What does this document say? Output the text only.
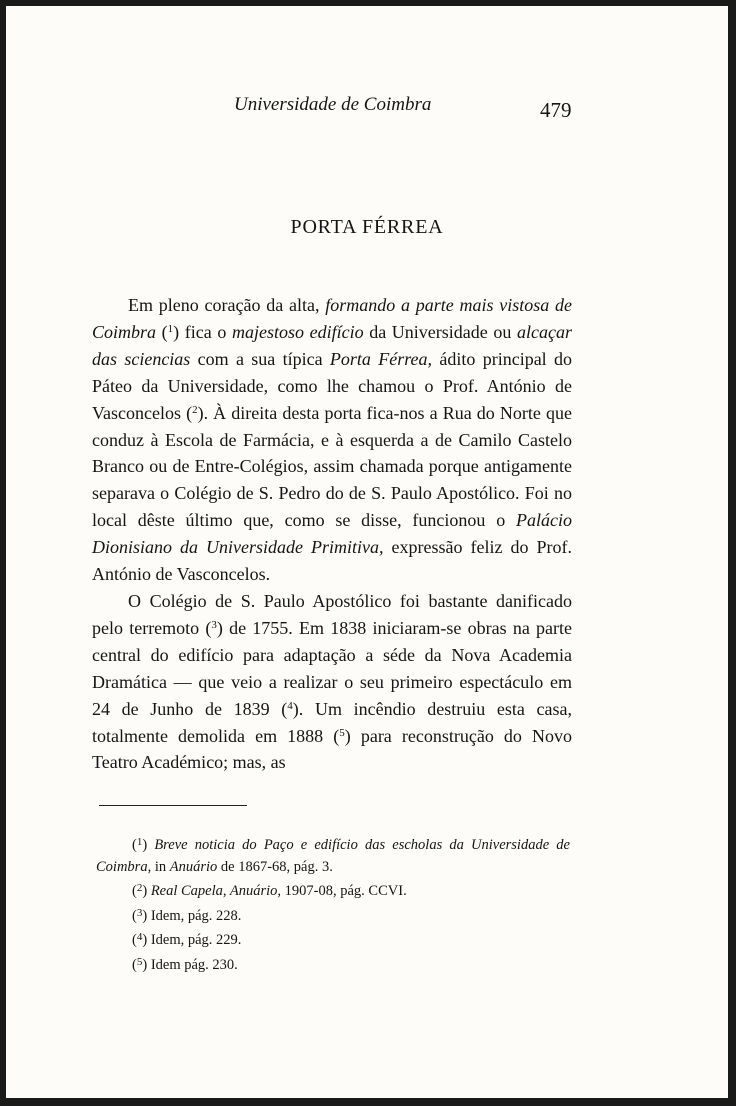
Universidade de Coimbra	479
PORTA FÉRREA

Em pleno coração da alta, formando a parte mais vistosa de Coimbra ($^1$) fica o majestoso edifício da Universidade ou alcaçar das sciencias com a sua típica Porta Férrea, ádito principal do Páteo da Universidade, como lhe chamou o Prof. António de Vasconcelos ($^2$). À direita desta porta fica-nos a Rua do Norte que conduz à Escola de Farmácia, e à esquerda a de Camilo Castelo Branco ou de Entre-Colégios, assim chamada porque antigamente separava o Colégio de S. Pedro do de S. Paulo Apostólico. Foi no local dêste último que, como se disse, funcionou o Palácio Dionisiano da Universidade Primitiva, expressão feliz do Prof. António de Vasconcelos.

O Colégio de S. Paulo Apostólico foi bastante danificado pelo terremoto ($^3$) de 1755. Em 1838 iniciaram-se obras na parte central do edifício para adaptação a séde da Nova Academia Dramática — que veio a realizar o seu primeiro espectáculo em 24 de Junho de 1839 ($^4$). Um incêndio destruiu esta casa, totalmente demolida em 1888 ($^5$) para reconstrução do Novo Teatro Académico; mas, as

($^1$) Breve noticia do Paço e edifício das escholas da Universidade de Coimbra, in Anuário de 1867-68, pág. 3.
($^2$) Real Capela, Anuário, 1907-08, pág. CCVI.
($^3$) Idem, pág. 228.
($^4$) Idem, pág. 229.
($^5$) Idem pág. 230.
